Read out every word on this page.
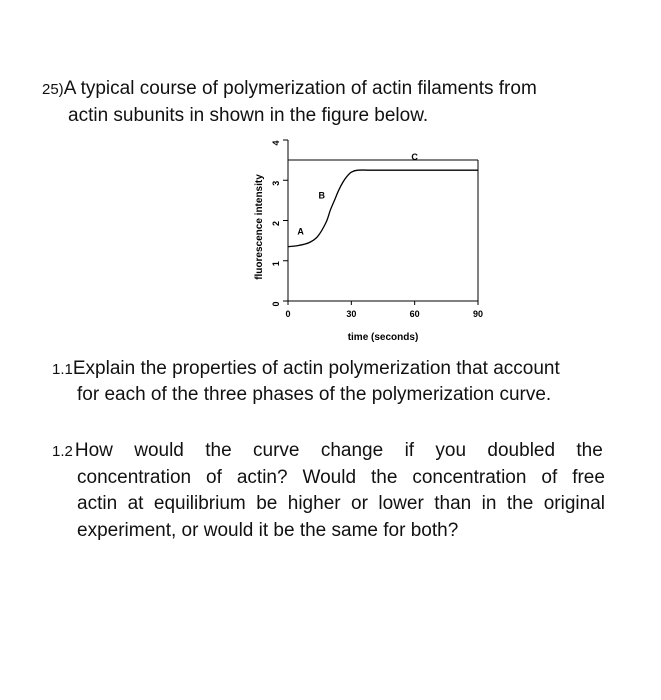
25)A typical course of polymerization of actin filaments from
actin subunits in shown in the figure below.
0
1
2
3
4
0	30	60	90
A
B
C
fluorescence intensity
time (seconds)
1.1Explain the properties of actin polymerization that account
for each of the three phases of the polymerization curve.
1.2 How would the curve change if you doubled the
concentration of actin? Would the concentration of free
actin at equilibrium be higher or lower than in the original
experiment, or would it be the same for both?
